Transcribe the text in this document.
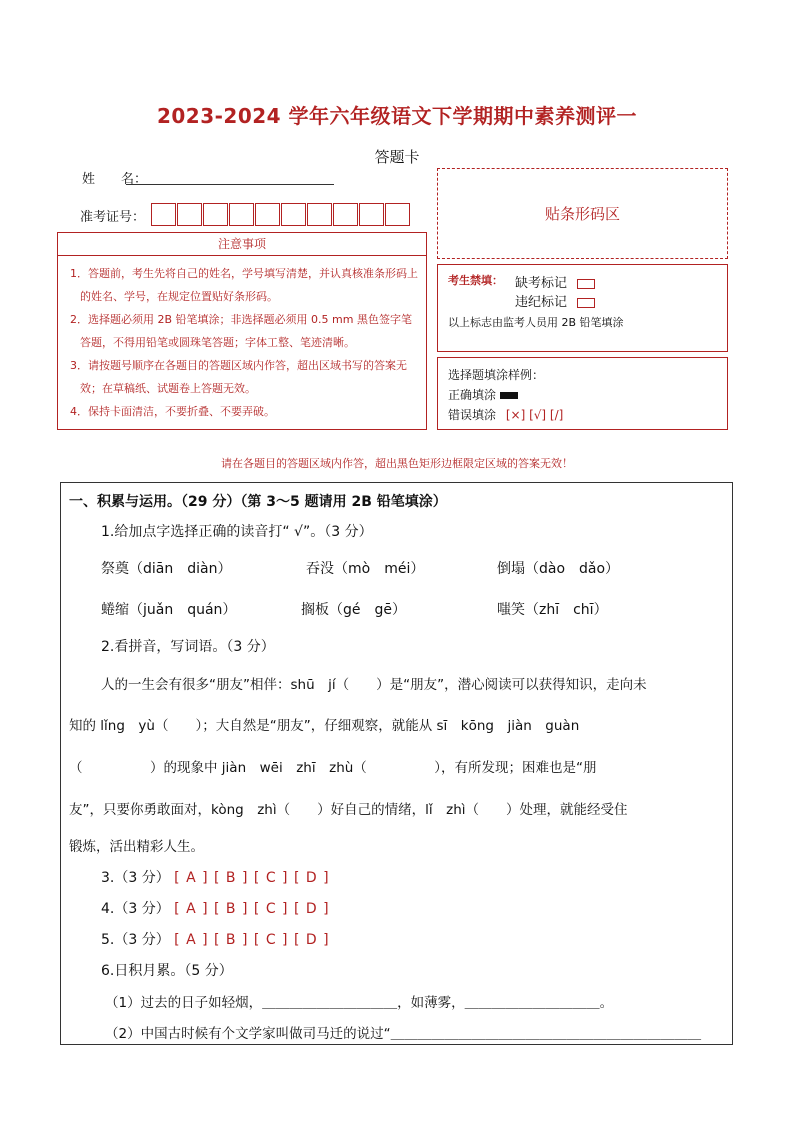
2023-2024 学年六年级语文下学期期中素养测评一
答题卡
姓　　名：
准考证号：	贴条形码区
注意事项
1．答题前，考生先将自己的姓名，学号填写清楚，并认真核准条形码上的姓名、学号，在规定位置贴好条形码。
2．选择题必须用 2B 铅笔填涂；非选择题必须用 0.5 mm 黑色签字笔答题，不得用铅笔或圆珠笔答题；字体工整、笔迹清晰。
3．请按题号顺序在各题目的答题区域内作答，超出区域书写的答案无效；在草稿纸、试题卷上答题无效。
4．保持卡面清洁，不要折叠、不要弄破。
考生禁填： 缺考标记
违纪标记
以上标志由监考人员用 2B 铅笔填涂
选择题填涂样例：
正确填涂
错误填涂 [×] [√] [/]
请在各题目的答题区域内作答，超出黑色矩形边框限定区域的答案无效！
一、积累与运用。（29 分）（第 3～5 题请用 2B 铅笔填涂）
1.给加点字选择正确的读音打“ √”。（3 分）
祭奠（diān　diàn）	吞没（mò　méi）	倒塌（dào　dǎo）
蜷缩（juǎn　quán）	搁板（gé　gē）	嗤笑（zhī　chī）
2.看拼音，写词语。（3 分）
人的一生会有很多“朋友”相伴：shū　jí（　　）是“朋友”，潜心阅读可以获得知识，走向未
知的 lǐng　yù（　　）；大自然是“朋友”，仔细观察，就能从 sī　kōng　jiàn　guàn
（　　　　　）的现象中 jiàn　wēi　zhī　zhù（　　　　　），有所发现；困难也是“朋
友”，只要你勇敢面对，kòng　zhì（　　）好自己的情绪，lǐ　zhì（　　）处理，就能经受住
锻炼，活出精彩人生。
3.（3 分） [ A ] [ B ] [ C ] [ D ]
4.（3 分） [ A ] [ B ] [ C ] [ D ]
5.（3 分） [ A ] [ B ] [ C ] [ D ]
6.日积月累。（5 分）
（1）过去的日子如轻烟，＿＿＿＿＿＿＿＿＿＿，如薄雾，＿＿＿＿＿＿＿＿＿＿。
（2）中国古时候有个文学家叫做司马迁的说过“＿＿＿＿＿＿＿＿＿＿＿＿＿＿＿＿＿＿＿＿＿＿＿
